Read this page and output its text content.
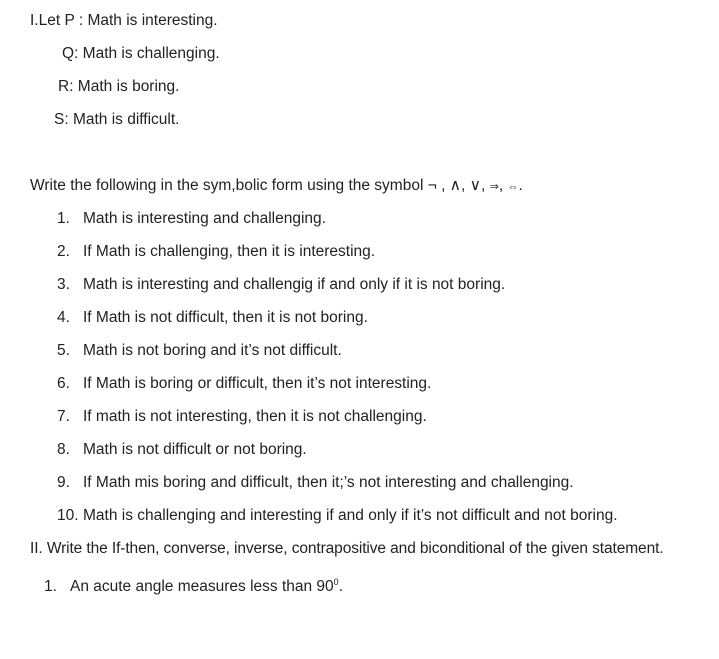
I.Let P : Math is interesting.
Q: Math is challenging.
R: Math is boring.
S: Math is difficult.
Write the following in the sym,bolic form using the symbol ¬ , ∧, ∨, ⇒, ⇔.
1. Math is interesting and challenging.
2. If Math is challenging, then it is interesting.
3. Math is interesting and challengig if and only if it is not boring.
4. If Math is not difficult, then it is not boring.
5. Math is not boring and it’s not difficult.
6. If Math is boring or difficult, then it’s not interesting.
7. If math is not interesting, then it is not challenging.
8. Math is not difficult or not boring.
9. If Math mis boring and difficult, then it;’s not interesting and challenging.
10. Math is challenging and interesting if and only if it’s not difficult and not boring.
II. Write the If-then, converse, inverse, contrapositive and biconditional of the given statement.
1. An acute angle measures less than $90^0$.
